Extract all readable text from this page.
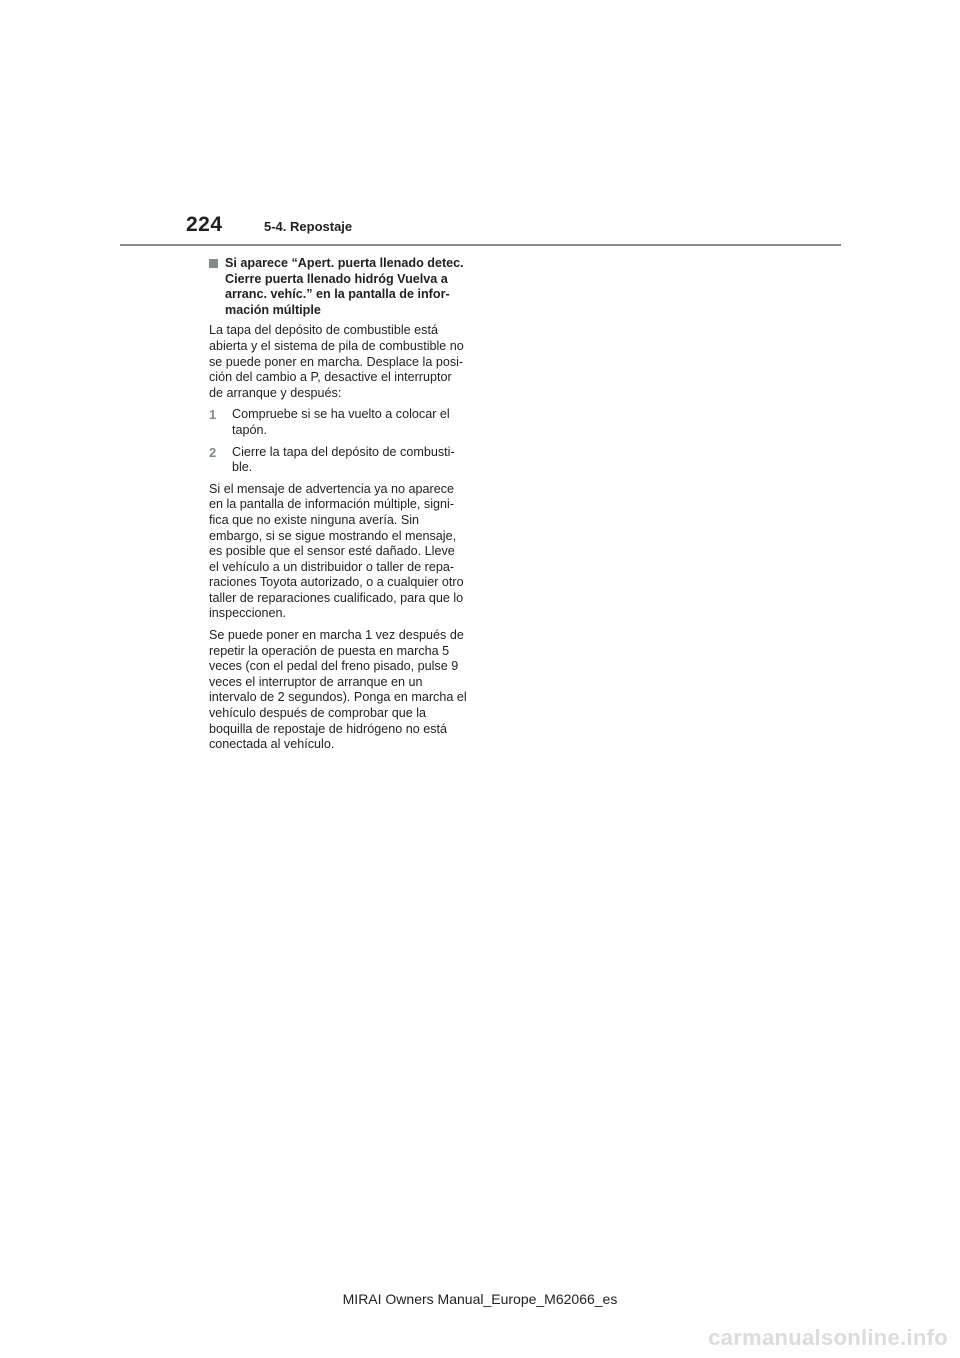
224	5-4. Repostaje
Si aparece “Apert. puerta llenado detec. Cierre puerta llenado hidróg Vuelva a arranc. vehíc.” en la pantalla de infor-mación múltiple

La tapa del depósito de combustible está abierta y el sistema de pila de combustible no se puede poner en marcha. Desplace la posi-ción del cambio a P, desactive el interruptor de arranque y después:

1	Compruebe si se ha vuelto a colocar el tapón.
2	Cierre la tapa del depósito de combusti-ble.

Si el mensaje de advertencia ya no aparece en la pantalla de información múltiple, signi-fica que no existe ninguna avería. Sin embargo, si se sigue mostrando el mensaje, es posible que el sensor esté dañado. Lleve el vehículo a un distribuidor o taller de repa-raciones Toyota autorizado, o a cualquier otro taller de reparaciones cualificado, para que lo inspeccionen.

Se puede poner en marcha 1 vez después de repetir la operación de puesta en marcha 5 veces (con el pedal del freno pisado, pulse 9 veces el interruptor de arranque en un intervalo de 2 segundos). Ponga en marcha el vehículo después de comprobar que la boquilla de repostaje de hidrógeno no está conectada al vehículo.

MIRAI Owners Manual_Europe_M62066_es
carmanualsonline.info
